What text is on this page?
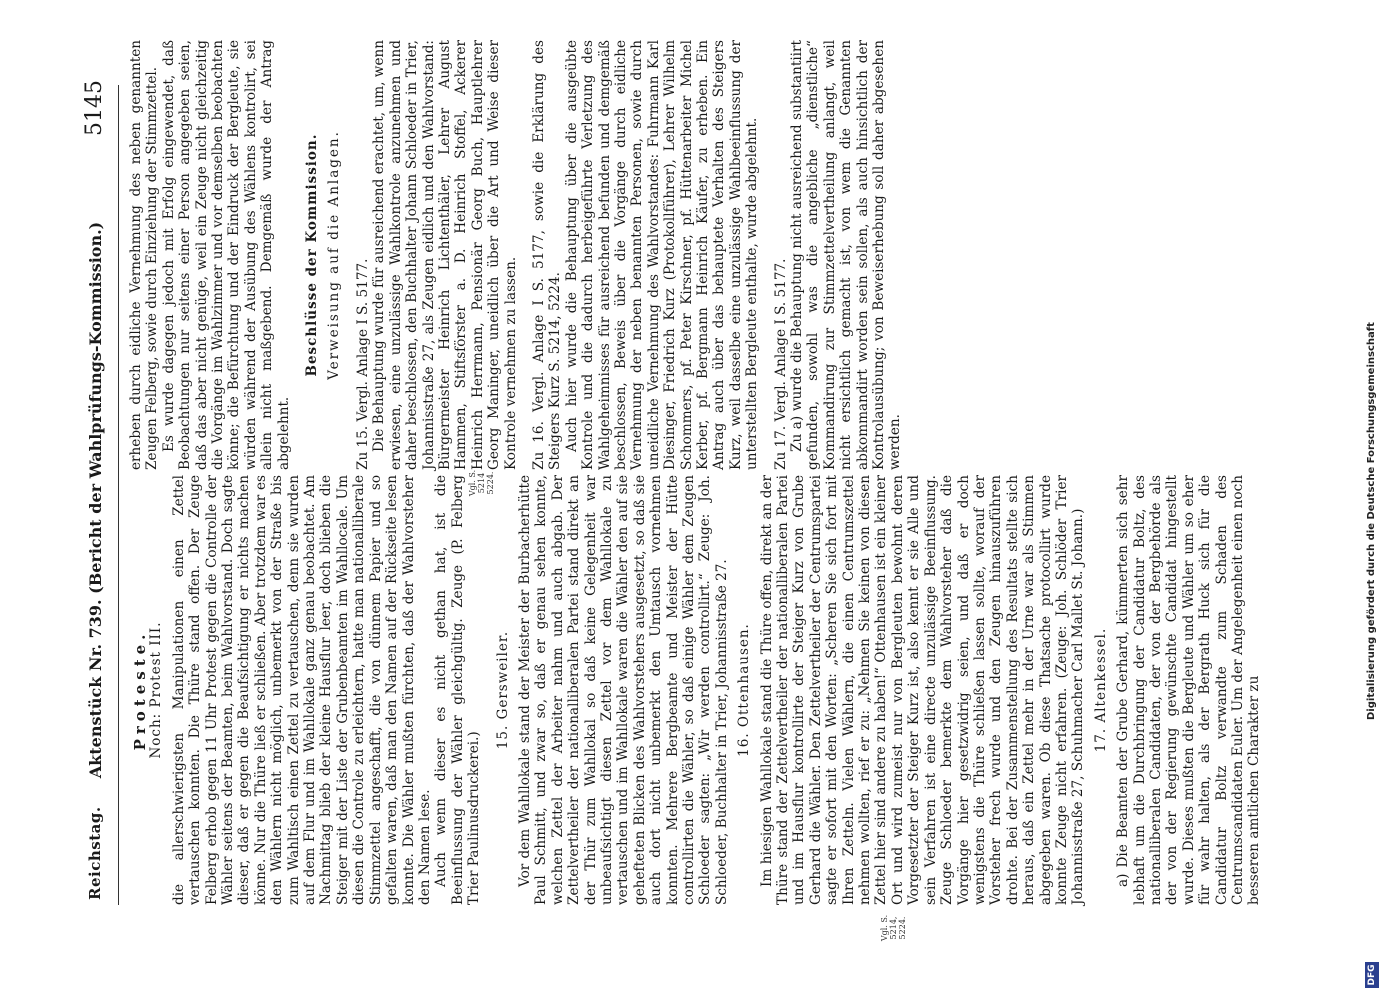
Reichstag.
Aktenstück Nr. 739. (Bericht der Wahlprüfungs-Kommission.)
5145
Vgl. S. 5214, 5224.
Vgl. S. 5214 5224.
Proteste. Noch: Protest III. die allerschwierigsten Manipulationen einen Zettel vertauschen konnten. Die Thüre stand offen. Der Zeuge Felberg erhob gegen 11 Uhr Protest gegen die Controlle der Wähler seitens der Beamten, beim Wahlvorstand. Doch sagte dieser, daß er gegen die Beaufsichtigung er nichts machen könne. Nur die Thüre ließ er schließen. Aber trotzdem war es den Wählern nicht möglich, unbemerkt von der Straße bis zum Wahltisch einen Zettel zu vertauschen, denn sie wurden auf dem Flur und im Wahllokale ganz genau beobachtet. Am Nachmittag blieb der kleine Hausflur leer, doch blieben die Steiger mit der Liste der Grubenbeamten im Wahllocale. Um diesen die Controle zu erleichtern, hatte man nationalliberale Stimmzettel angeschafft, die von dünnem Papier und so gefalten waren, daß man den Namen auf der Rückseite lesen konnte. Die Wähler mußten fürchten, daß der Wahlvorsteher den Namen lese. Auch wenn dieser es nicht gethan hat, ist die Beeinflussung der Wähler gleichgültig. Zeuge (P. Felberg Trier Paulinusdruckerei.)

15. Gersweiler. Vor dem Wahllokale stand der Meister der Burbacherhütte Paul Schmitt, und zwar so, daß er genau sehen konnte, welchen Zettel der Arbeiter nahm und auch abgab. Der Zettelvertheiler der nationalliberalen Partei stand direkt an der Thür zum Wahllokal so daß keine Gelegenheit war unbeaufsichtigt diesen Zettel vor dem Wahllokale zu vertauschen und im Wahllokale waren die Wähler den auf sie gehefteten Blicken des Wahlvorstehers ausgesetzt, so daß sie auch dort nicht unbemerkt den Umtausch vornehmen konnten. Mehrere Bergbeamte und Meister der Hütte controllirten die Wähler, so daß einige Wähler dem Zeugen Schloeder sagten: „Wir werden controllirt.“ Zeuge: Joh. Schloeder, Buchhalter in Trier, Johannisstraße 27. 16. Ottenhausen. Im hiesigen Wahllokale stand die Thüre offen, direkt an der Thüre stand der Zettelvertheiler der nationalliberalen Partei und im Hausflur kontrollirte der Steiger Kurz von Grube Gerhard die Wähler. Den Zettelvertheiler der Centrumspartei sagte er sofort mit den Worten: „Scheren Sie sich fort mit Ihren Zetteln. Vielen Wählern, die einen Centrumszettel nehmen wollten, rief er zu: „Nehmen Sie keinen von diesen Zettel hier sind andere zu haben!“ Ottenhausen ist ein kleiner Ort und wird zumeist nur von Bergleuten bewohnt deren Vorgesetzter der Steiger Kurz ist, also kennt er sie Alle und sein Verfahren ist eine directe unzulässige Beeinflussung. Zeuge Schloeder bemerkte dem Wahlvorsteher daß die Vorgänge hier gesetzwidrig seien, und daß er doch wenigstens die Thüre schließen lassen sollte, worauf der Vorsteher frech wurde und den Zeugen hinauszuführen drohte. Bei der Zusammenstellung des Resultats stellte sich heraus, daß ein Zettel mehr in der Urne war als Stimmen abgegeben waren. Ob diese Thatsache protocollirt wurde konnte Zeuge nicht erfahren. (Zeuge: Joh. Schlöder Trier Johannisstraße 27, Schuhmacher Carl Mallet St. Johann.) 17. Altenkessel. a) Die Beamten der Grube Gerhard, kümmerten sich sehr lebhaft um die Durchbringung der Candidatur Boltz, des nationalliberalen Candidaten, der von der Bergbehörde als der von der Regierung gewünschte Candidat hingestellt wurde. Dieses mußten die Bergleute und Wähler um so eher für wahr halten, als der Bergrath Huck sich für die Candidatur Boltz verwandte zum Schaden des Centrumscandidaten Euler. Um der Angelegenheit einen noch besseren amtlichen Charakter zu

erheben durch eidliche Vernehmung des neben genannten Zeugen Felberg, sowie durch Einziehung der Stimmzettel. Es wurde dagegen jedoch mit Erfolg eingewendet, daß Beobachtungen nur seitens einer Person angegeben seien, daß das aber nicht genüge, weil ein Zeuge nicht gleichzeitig die Vorgänge im Wahlzimmer und vor demselben beobachten könne; die Befürchtung und der Eindruck der Bergleute, sie würden während der Ausübung des Wählens kontrolirt, sei allein nicht maßgebend. Demgemäß wurde der Antrag abgelehnt.

Beschlüsse der Kommission. Verweisung auf die Anlagen. Zu 15. Vergl. Anlage I S. 5177. Die Behauptung wurde für ausreichend erachtet, um, wenn erwiesen, eine unzulässige Wahlkontrole anzunehmen und daher beschlossen, den Buchhalter Johann Schloeder in Trier, Johannisstraße 27, als Zeugen eidlich und den Wahlvorstand: Bürgermeister Heinrich Lichtenthäler, Lehrer August Hammen, Stiftsförster a. D. Heinrich Stoffel, Ackerer Heinrich Herrmann, Pensionär Georg Buch, Hauptlehrer Georg Maninger, uneidlich über die Art und Weise dieser Kontrole vernehmen zu lassen. Zu 16. Vergl. Anlage I S. 5177, sowie die Erklärung des Steigers Kurz S. 5214, 5224. Auch hier wurde die Behauptung über die ausgeübte Kontrole und die dadurch herbeigeführte Verletzung des Wahlgeheimnisses für ausreichend befunden und demgemäß beschlossen, Beweis über die Vorgänge durch eidliche Vernehmung der neben benannten Personen, sowie durch uneidliche Vernehmung des Wahlvorstandes: Fuhrmann Karl Diesinger, Friedrich Kurz (Protokollführer), Lehrer Wilhelm Schommers, pf. Peter Kirschner, pf. Hüttenarbeiter Michel Kerber, pf. Bergmann Heinrich Käufer, zu erheben. Ein Antrag auch über das behauptete Verhalten des Steigers Kurz, weil dasselbe eine unzulässige Wahlbeeinflussung der unterstellten Bergleute enthalte, wurde abgelehnt. Zu 17. Vergl. Anlage I S. 5177. Zu a) wurde die Behauptung nicht ausreichend substantiirt gefunden, sowohl was die angebliche „dienstliche“ Kommandirung zur Stimmzettelvertheilung anlangt, weil nicht ersichtlich gemacht ist, von wem die Genannten abkommandirt worden sein sollen, als auch hinsichtlich der Kontrolausübung; von Beweiserhebung soll daher abgesehen werden.

DFG
Digitalisierung gefördert durch die Deutsche Forschungsgemeinschaft
